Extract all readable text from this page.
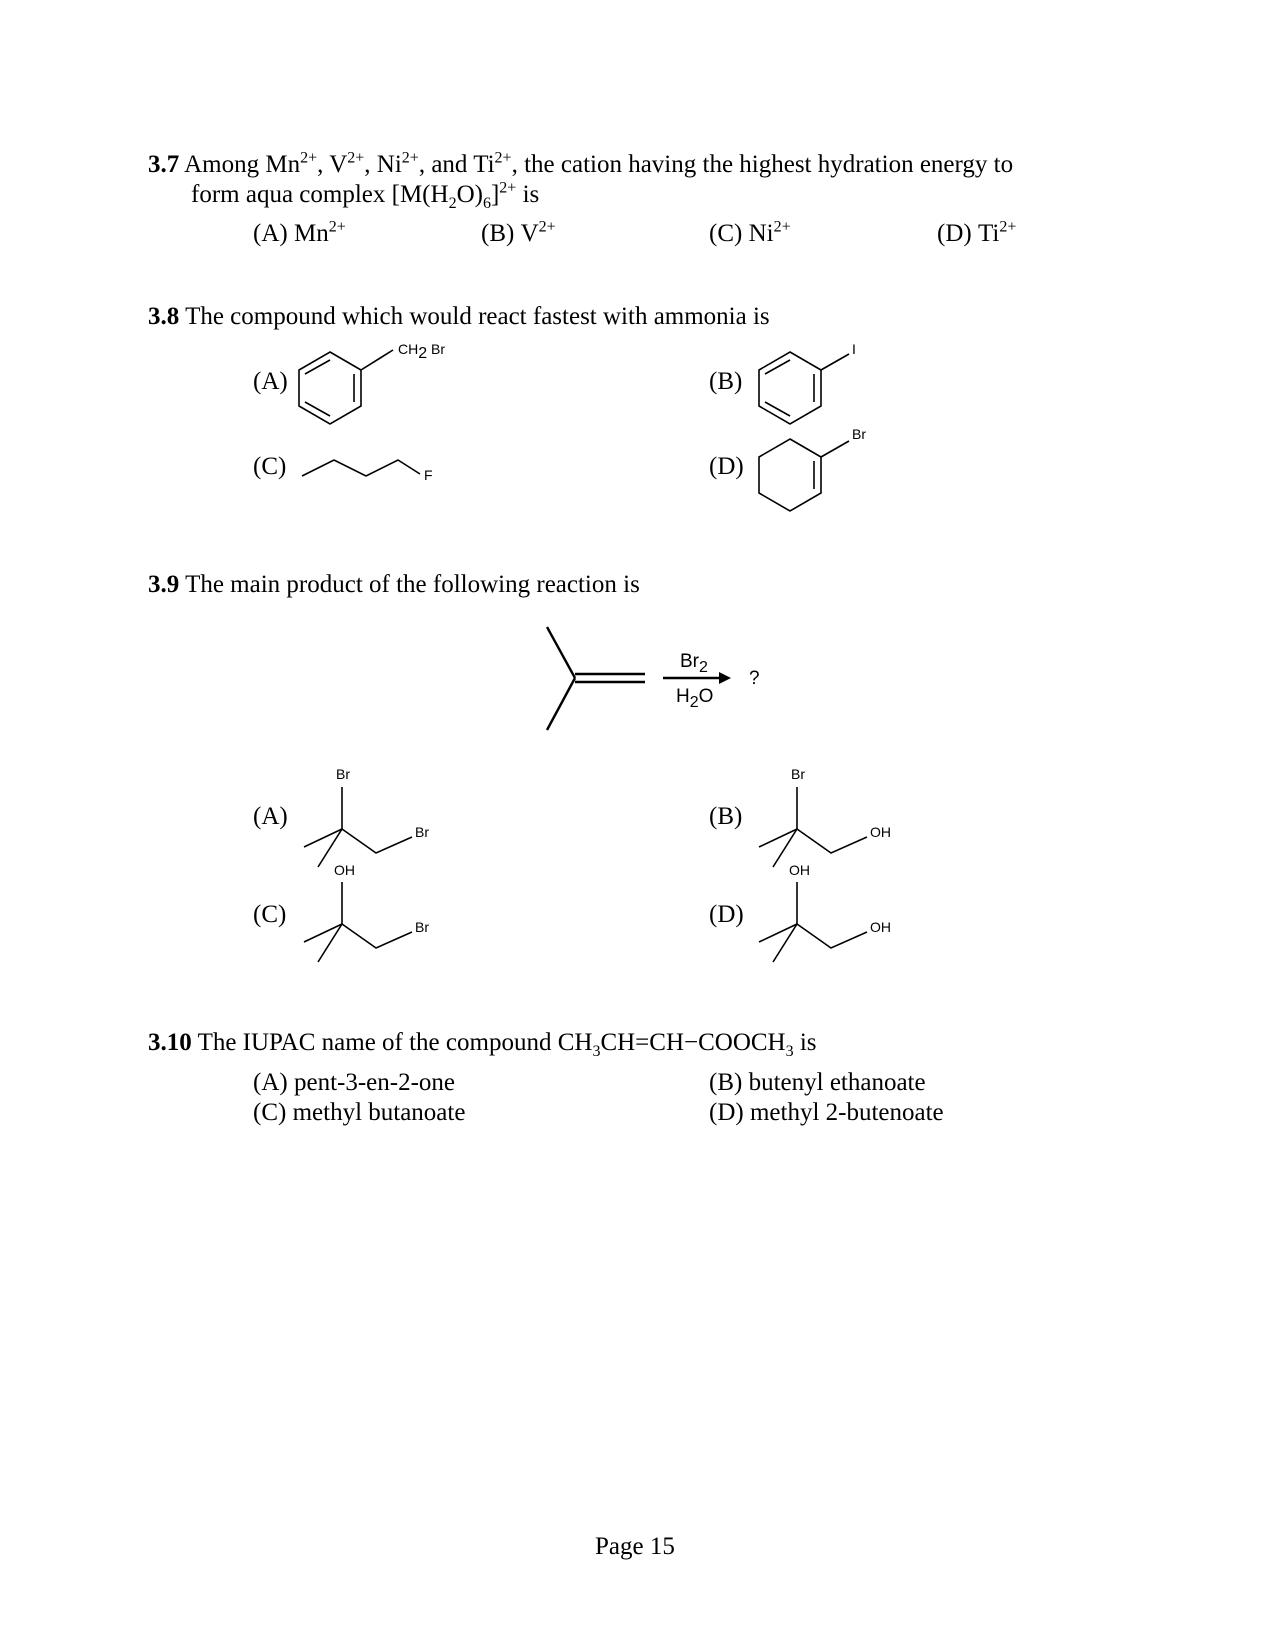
3.7 Among $Mn^{2+}$, $V^{2+}$, $Ni^{2+}$, and $Ti^{2+}$, the cation having the highest hydration energy to
form aqua complex $[M(H_2O)_6]^{2+}$ is
(A) $Mn^{2+}$	(B) $V^{2+}$	(C) $Ni^{2+}$	(D) $Ti^{2+}$
3.8 The compound which would react fastest with ammonia is
(A)	(B)
(C)	(D)
$CH_2$ Br	I
F
Br
3.9 The main product of the following reaction is
$Br_2$
$H_2O$
?
(A)	(B)
(C)	(D)
Br
Br
Br
OH
OH
Br
OH
OH
3.10 The IUPAC name of the compound $CH_3CH=CH-COOCH_3$ is
(A) pent-3-en-2-one	(B) butenyl ethanoate
(C) methyl butanoate	(D) methyl 2-butenoate
Page 15
